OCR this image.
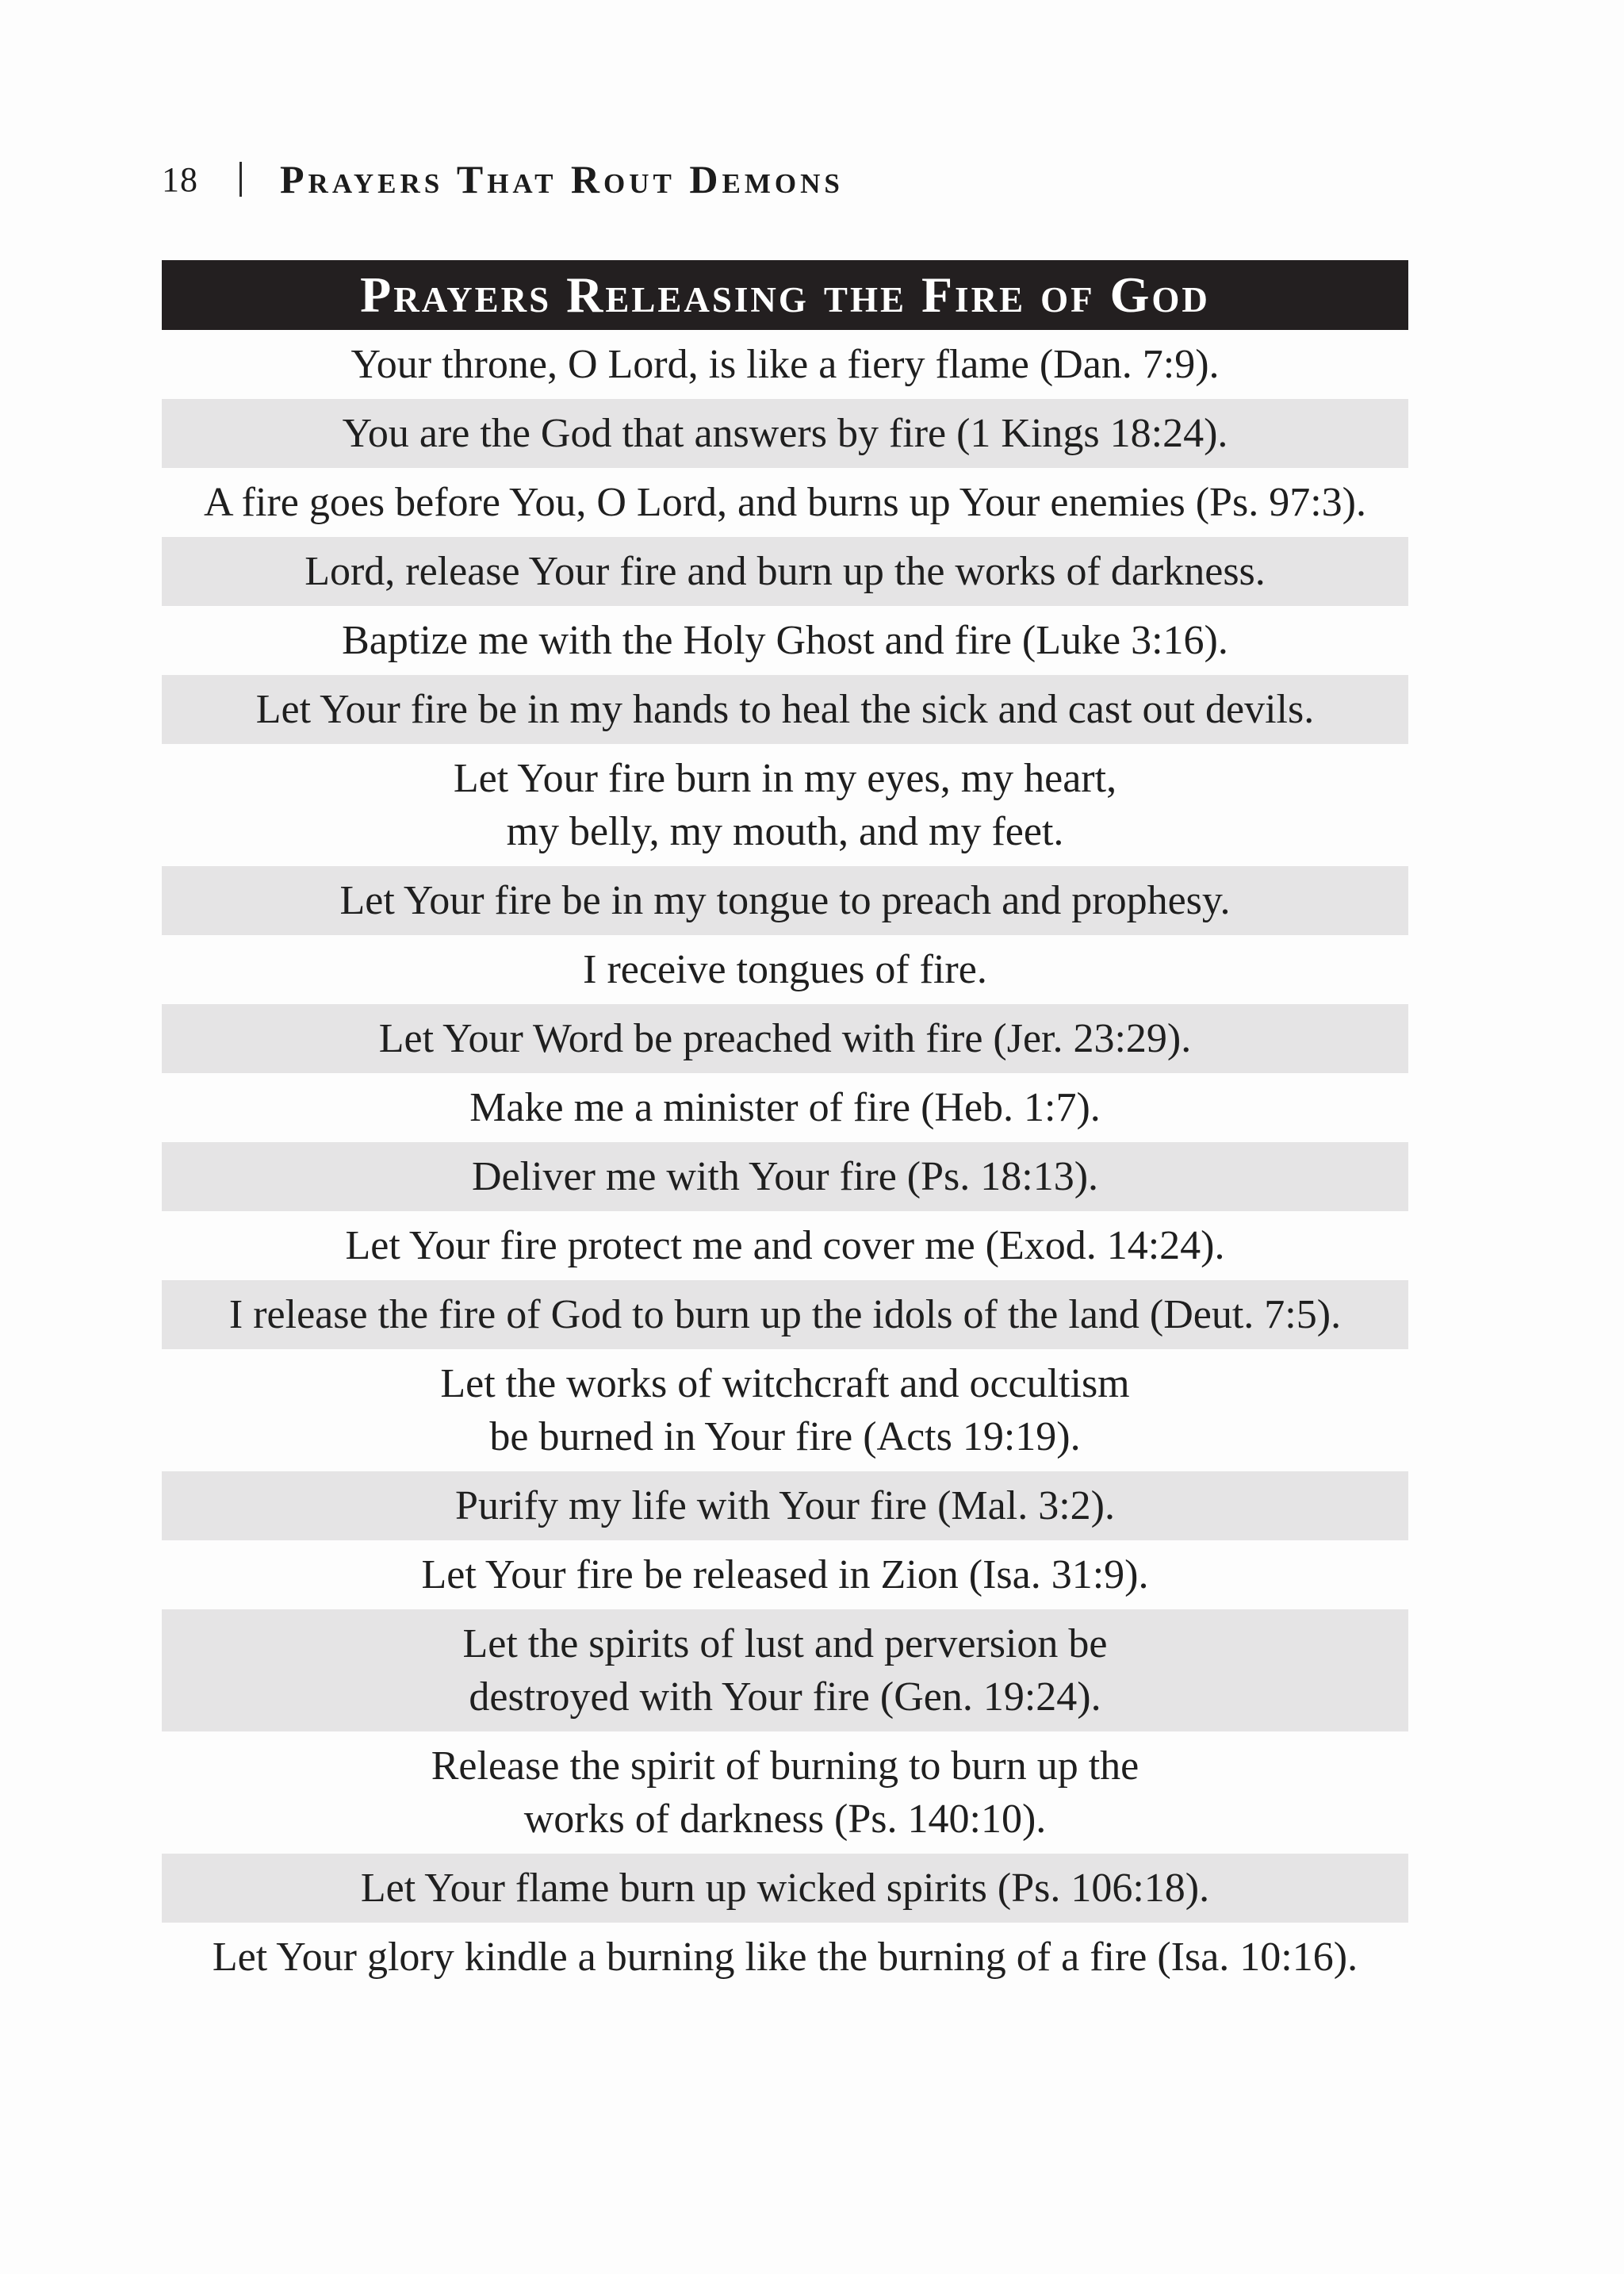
18 Prayers That Rout Demons
Prayers Releasing the Fire of God
Your throne, O Lord, is like a fiery flame (Dan. 7:9).
You are the God that answers by fire (1 Kings 18:24).
A fire goes before You, O Lord, and burns up Your enemies (Ps. 97:3).
Lord, release Your fire and burn up the works of darkness.
Baptize me with the Holy Ghost and fire (Luke 3:16).
Let Your fire be in my hands to heal the sick and cast out devils.
Let Your fire burn in my eyes, my heart,
my belly, my mouth, and my feet.
Let Your fire be in my tongue to preach and prophesy.
I receive tongues of fire.
Let Your Word be preached with fire (Jer. 23:29).
Make me a minister of fire (Heb. 1:7).
Deliver me with Your fire (Ps. 18:13).
Let Your fire protect me and cover me (Exod. 14:24).
I release the fire of God to burn up the idols of the land (Deut. 7:5).
Let the works of witchcraft and occultism
be burned in Your fire (Acts 19:19).
Purify my life with Your fire (Mal. 3:2).
Let Your fire be released in Zion (Isa. 31:9).
Let the spirits of lust and perversion be
destroyed with Your fire (Gen. 19:24).
Release the spirit of burning to burn up the
works of darkness (Ps. 140:10).
Let Your flame burn up wicked spirits (Ps. 106:18).
Let Your glory kindle a burning like the burning of a fire (Isa. 10:16).
